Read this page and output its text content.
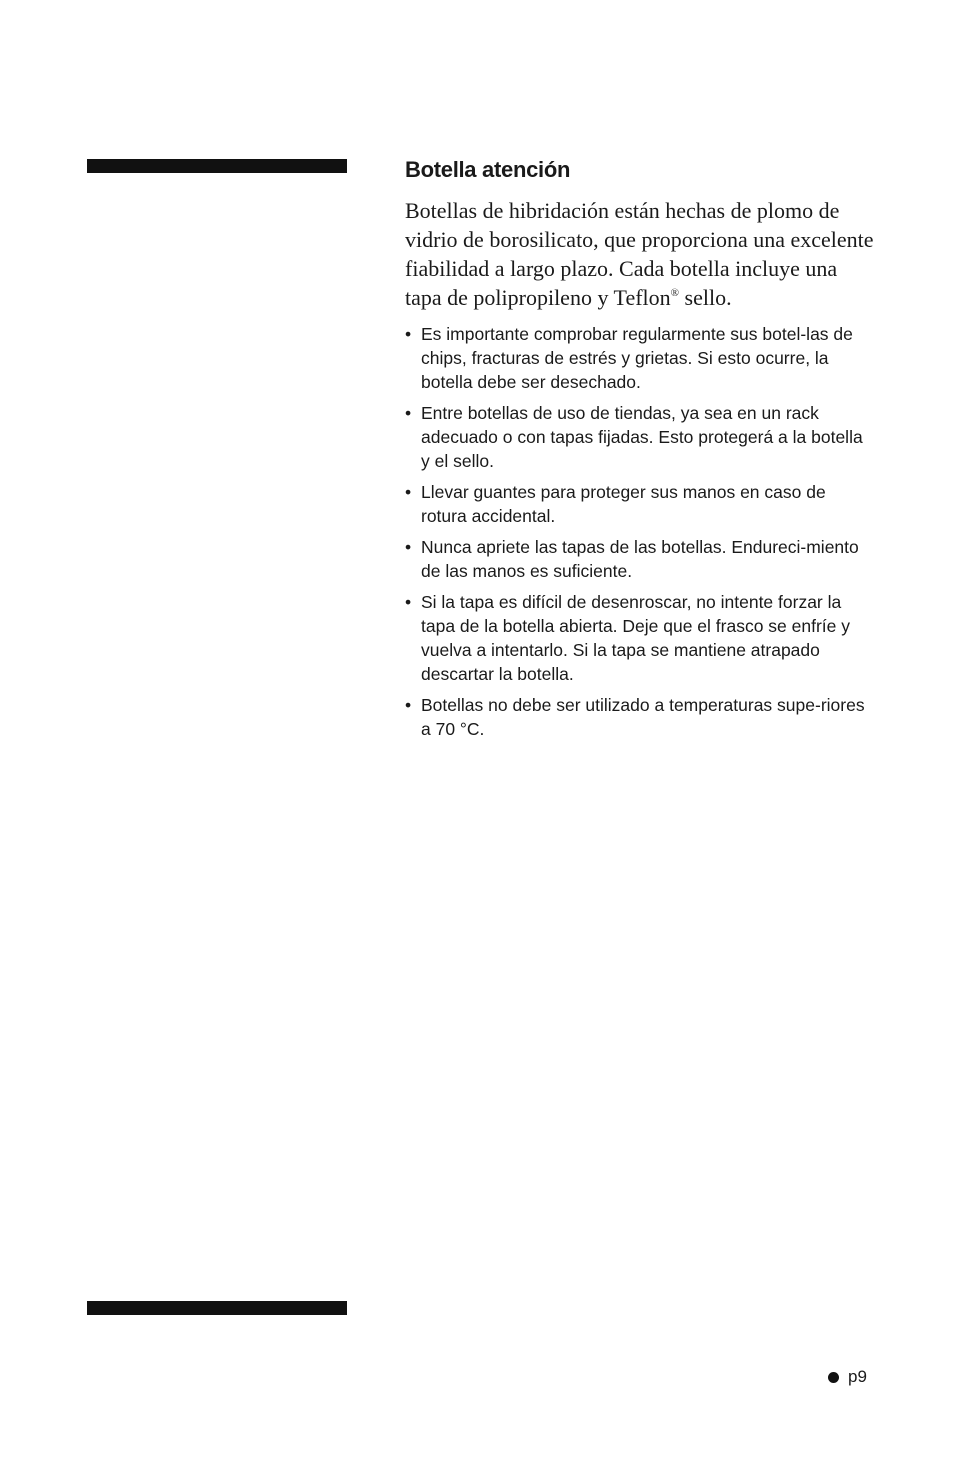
Botella atención

Botellas de hibridación están hechas de plomo de vidrio de borosilicato, que proporciona una excelente fiabilidad a largo plazo. Cada botella incluye una tapa de polipropileno y Teflon® sello.

• Es importante comprobar regularmente sus botel-las de chips, fracturas de estrés y grietas. Si esto ocurre, la botella debe ser desechado.
• Entre botellas de uso de tiendas, ya sea en un rack adecuado o con tapas fijadas. Esto protegerá a la botella y el sello.
• Llevar guantes para proteger sus manos en caso de rotura accidental.
• Nunca apriete las tapas de las botellas. Endureci-miento de las manos es suficiente.
• Si la tapa es difícil de desenroscar, no intente forzar la tapa de la botella abierta. Deje que el frasco se enfríe y vuelva a intentarlo. Si la tapa se mantiene atrapado descartar la botella.
• Botellas no debe ser utilizado a temperaturas supe-riores a 70 °C.
p9
